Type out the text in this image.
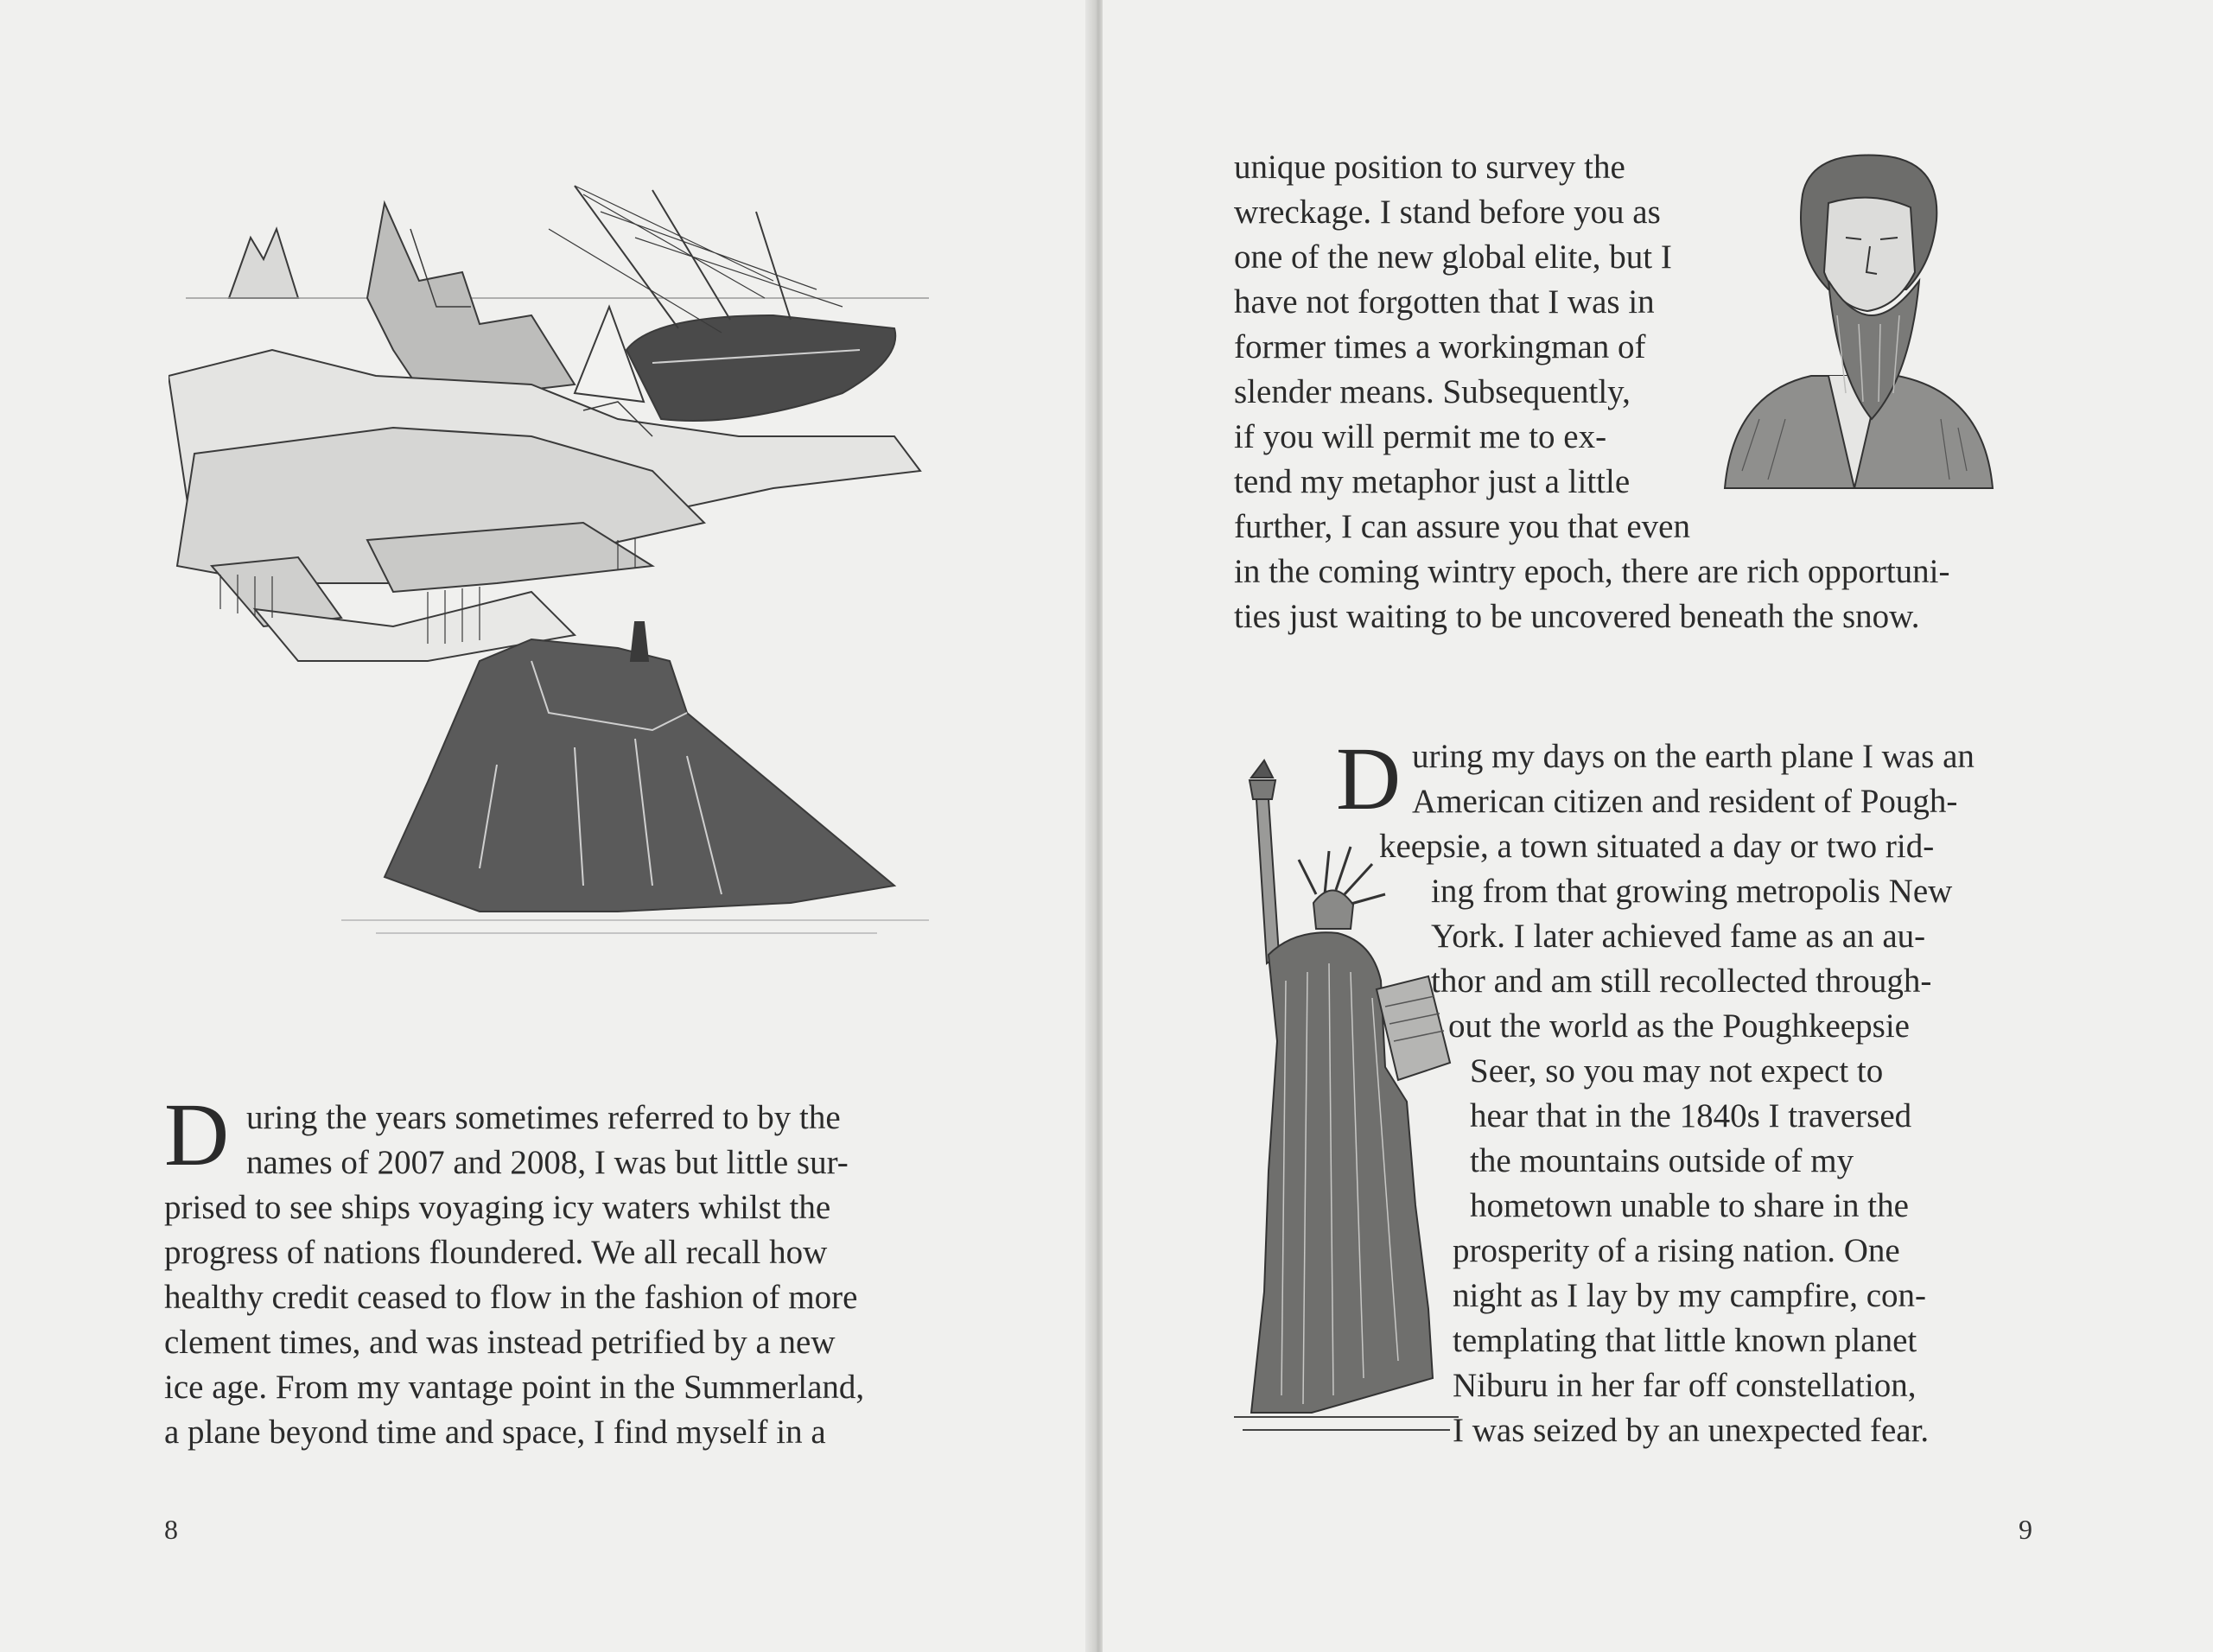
D uring the years sometimes referred to by the
names of 2007 and 2008, I was but little sur-
prised to see ships voyaging icy waters whilst the
progress of nations floundered. We all recall how
healthy credit ceased to flow in the fashion of more
clement times, and was instead petrified by a new
ice age. From my vantage point in the Summerland,
a plane beyond time and space, I find myself in a
8
unique position to survey the
wreckage. I stand before you as
one of the new global elite, but I
have not forgotten that I was in
former times a workingman of
slender means. Subsequently,
if you will permit me to ex-
tend my metaphor just a little
further, I can assure you that even
in the coming wintry epoch, there are rich opportuni-
ties just waiting to be uncovered beneath the snow.
D uring my days on the earth plane I was an
American citizen and resident of Pough-
keepsie, a town situated a day or two rid-
ing from that growing metropolis New
York. I later achieved fame as an au-
thor and am still recollected through-
out the world as the Poughkeepsie
Seer, so you may not expect to
hear that in the 1840s I traversed
the mountains outside of my
hometown unable to share in the
prosperity of a rising nation. One
night as I lay by my campfire, con-
templating that little known planet
Niburu in her far off constellation,
I was seized by an unexpected fear.
9
